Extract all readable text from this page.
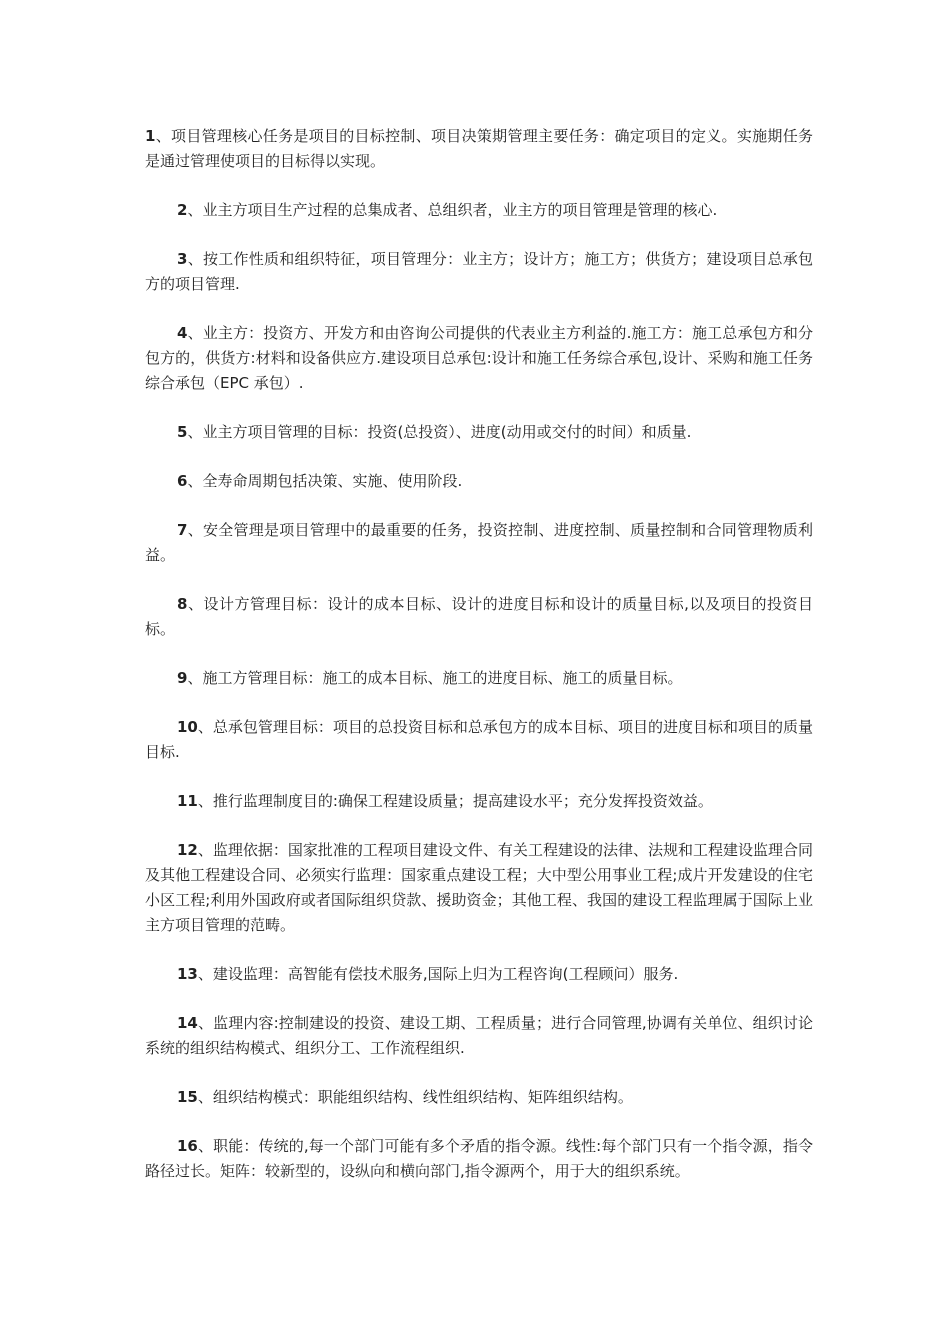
1、项目管理核心任务是项目的目标控制、项目决策期管理主要任务：确定项目的定义。实施期任务是通过管理使项目的目标得以实现。

2、业主方项目生产过程的总集成者、总组织者，业主方的项目管理是管理的核心.

3、按工作性质和组织特征，项目管理分：业主方；设计方；施工方；供货方；建设项目总承包方的项目管理.

4、业主方：投资方、开发方和由咨询公司提供的代表业主方利益的.施工方：施工总承包方和分包方的，供货方:材料和设备供应方.建设项目总承包:设计和施工任务综合承包,设计、采购和施工任务综合承包（EPC 承包）.

5、业主方项目管理的目标：投资(总投资）、进度(动用或交付的时间）和质量.

6、全寿命周期包括决策、实施、使用阶段.

7、安全管理是项目管理中的最重要的任务，投资控制、进度控制、质量控制和合同管理物质利益。

8、设计方管理目标：设计的成本目标、设计的进度目标和设计的质量目标,以及项目的投资目标。

9、施工方管理目标：施工的成本目标、施工的进度目标、施工的质量目标。

10、总承包管理目标：项目的总投资目标和总承包方的成本目标、项目的进度目标和项目的质量目标.

11、推行监理制度目的:确保工程建设质量；提高建设水平；充分发挥投资效益。

12、监理依据：国家批准的工程项目建设文件、有关工程建设的法律、法规和工程建设监理合同及其他工程建设合同、必须实行监理：国家重点建设工程；大中型公用事业工程;成片开发建设的住宅小区工程;利用外国政府或者国际组织贷款、援助资金；其他工程、我国的建设工程监理属于国际上业主方项目管理的范畴。

13、建设监理：高智能有偿技术服务,国际上归为工程咨询(工程顾问）服务.

14、监理内容:控制建设的投资、建设工期、工程质量；进行合同管理,协调有关单位、组织讨论系统的组织结构模式、组织分工、工作流程组织.

15、组织结构模式：职能组织结构、线性组织结构、矩阵组织结构。

16、职能：传统的,每一个部门可能有多个矛盾的指令源。线性:每个部门只有一个指令源，指令路径过长。矩阵：较新型的，设纵向和横向部门,指令源两个，用于大的组织系统。
